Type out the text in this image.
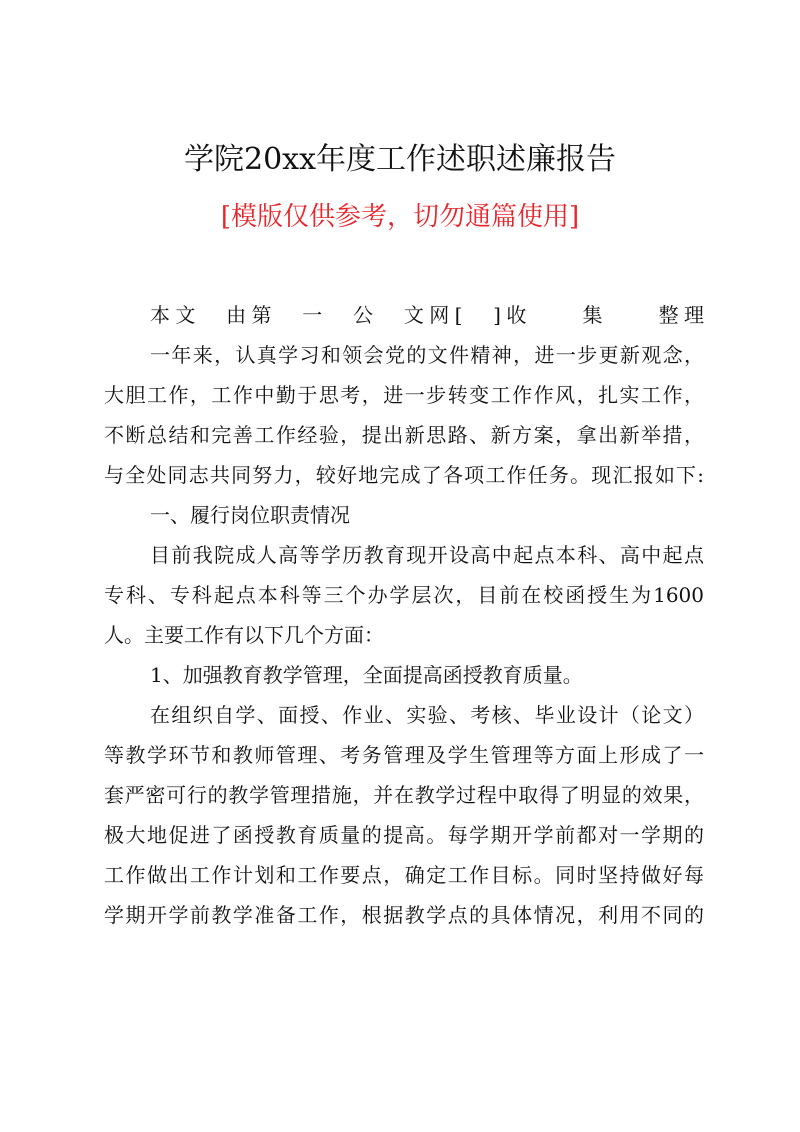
学院20xx年度工作述职述廉报告
[模版仅供参考，切勿通篇使用]
本文　由第　一　公　文网[　]收　　集　　整理
一年来，认真学习和领会党的文件精神，进一步更新观念，
大胆工作，工作中勤于思考，进一步转变工作作风，扎实工作，
不断总结和完善工作经验，提出新思路、新方案，拿出新举措，
与全处同志共同努力，较好地完成了各项工作任务。现汇报如下:
一、履行岗位职责情况
目前我院成人高等学历教育现开设高中起点本科、高中起点
专科、专科起点本科等三个办学层次，目前在校函授生为1600
人。主要工作有以下几个方面：
1、加强教育教学管理，全面提高函授教育质量。
在组织自学、面授、作业、实验、考核、毕业设计（论文）
等教学环节和教师管理、考务管理及学生管理等方面上形成了一
套严密可行的教学管理措施，并在教学过程中取得了明显的效果，
极大地促进了函授教育质量的提高。每学期开学前都对一学期的
工作做出工作计划和工作要点，确定工作目标。同时坚持做好每
学期开学前教学准备工作，根据教学点的具体情况，利用不同的
